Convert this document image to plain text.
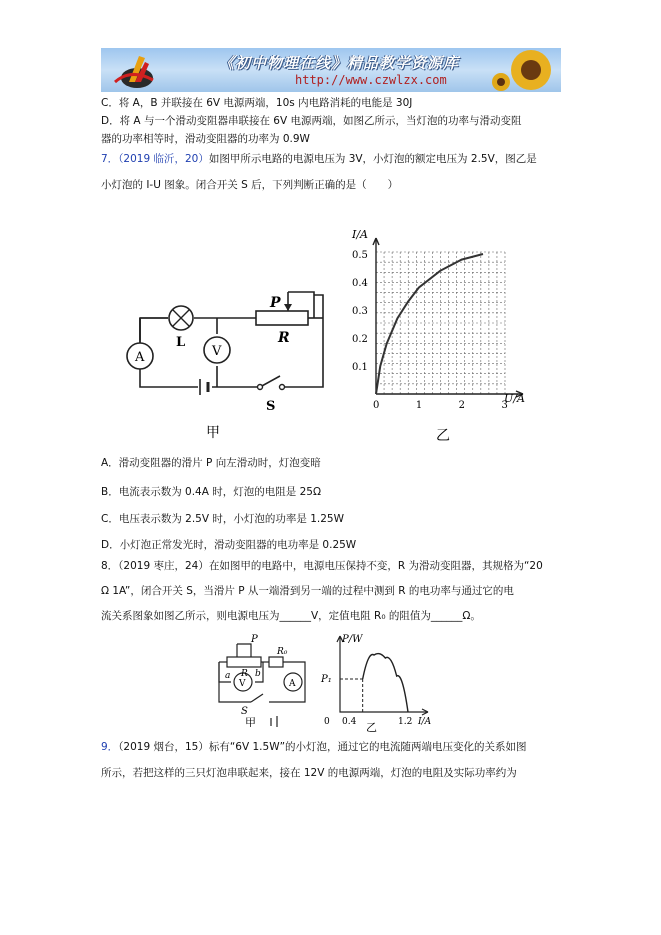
《初中物理在线》精品教学资源库
http://www.czwlzx.com
C．将 A，B 并联接在 6V 电源两端，10s 内电路消耗的电能是 30J
D．将 A 与一个滑动变阻器串联接在 6V 电源两端，如图乙所示，当灯泡的功率与滑动变阻
器的功率相等时，滑动变阻器的功率为 0.9W
7．（2019 临沂，20）如图甲所示电路的电源电压为 3V，小灯泡的额定电压为 2.5V，图乙是
小灯泡的 I-U 图象。闭合开关 S 后，下列判断正确的是（　　）
P
R
L
A	V
S
甲
0.5
0.4
0.3
0.2
0.1
0	1	2	3
I/A
U/A
乙
A．滑动变阻器的滑片 P 向左滑动时，灯泡变暗
B．电流表示数为 0.4A 时，灯泡的电阻是 25Ω
C．电压表示数为 2.5V 时，小灯泡的功率是 1.25W
D．小灯泡正常发光时，滑动变阻器的电功率是 0.25W
8．（2019 枣庄，24）在如图甲的电路中，电源电压保持不变，R 为滑动变阻器，其规格为“20
Ω 1A”，闭合开关 S，当滑片 P 从一端滑到另一端的过程中测到 R 的电功率与通过它的电
流关系图象如图乙所示，则电源电压为______V，定值电阻 R₀ 的阻值为______Ω。
P
a R b
R₀
V	A
S
甲
P/W
P₁
0 0.4	1.2 I/A
乙
9．（2019 烟台，15）标有“6V 1.5W”的小灯泡，通过它的电流随两端电压变化的关系如图
所示，若把这样的三只灯泡串联起来，接在 12V 的电源两端，灯泡的电阻及实际功率约为
